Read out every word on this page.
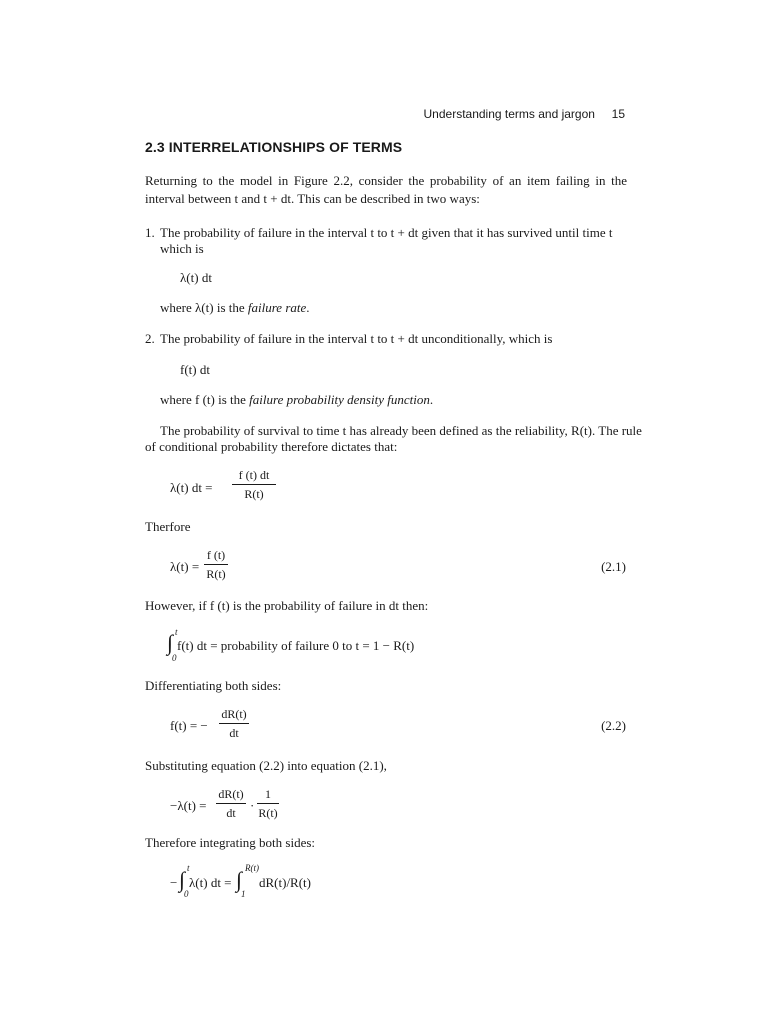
Understanding terms and jargon 15
2.3 INTERRELATIONSHIPS OF TERMS
Returning to the model in Figure 2.2, consider the probability of an item failing in the interval between t and t + dt. This can be described in two ways:
1. The probability of failure in the interval t to t + dt given that it has survived until time t
which is
λ(t) dt
where λ(t) is the failure rate.
2. The probability of failure in the interval t to t + dt unconditionally, which is
f(t) dt
where f (t) is the failure probability density function.
The probability of survival to time t has already been defined as the reliability, R(t). The rule
of conditional probability therefore dictates that:
λ(t) dt =
f (t) dt
R(t)
Therfore
λ(t) =
f (t)
R(t)	(2.1)
However, if f (t) is the probability of failure in dt then:
t
∫
0
f(t) dt = probability of failure 0 to t = 1 − R(t)
Differentiating both sides:
f(t) = −
dR(t)
dt	(2.2)
Substituting equation (2.2) into equation (2.1),
−λ(t) =
dR(t)
dt	·
1
R(t)
Therefore integrating both sides:
−
t
∫
0
λ(t) dt =
R(t)
∫
1
dR(t)/R(t)
